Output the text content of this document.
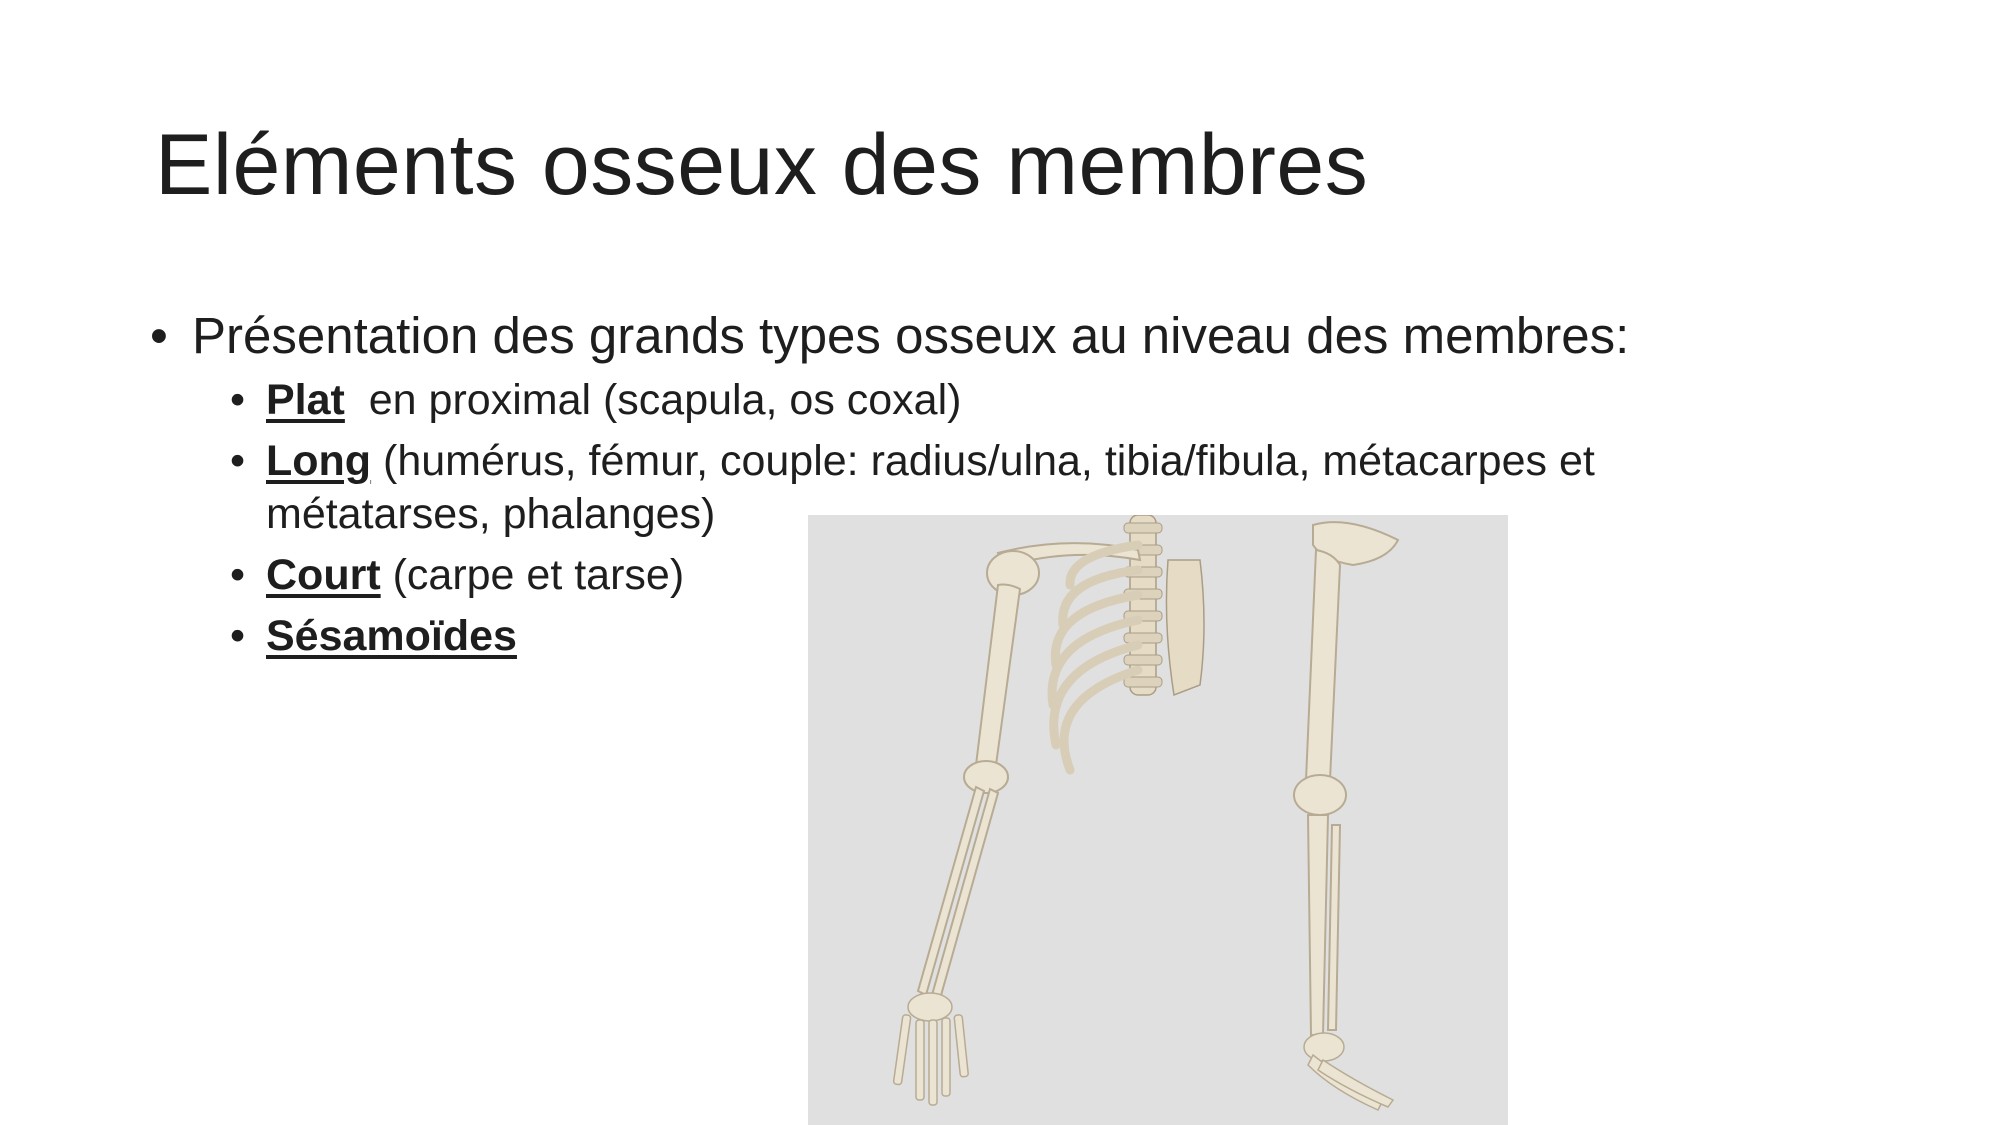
Eléments osseux des membres
• Présentation des grands types osseux au niveau des membres:
• Plat  en proximal (scapula, os coxal)
• Long (humérus, fémur, couple: radius/ulna, tibia/fibula, métacarpes et métatarses, phalanges)
• Court (carpe et tarse)
• Sésamoïdes
